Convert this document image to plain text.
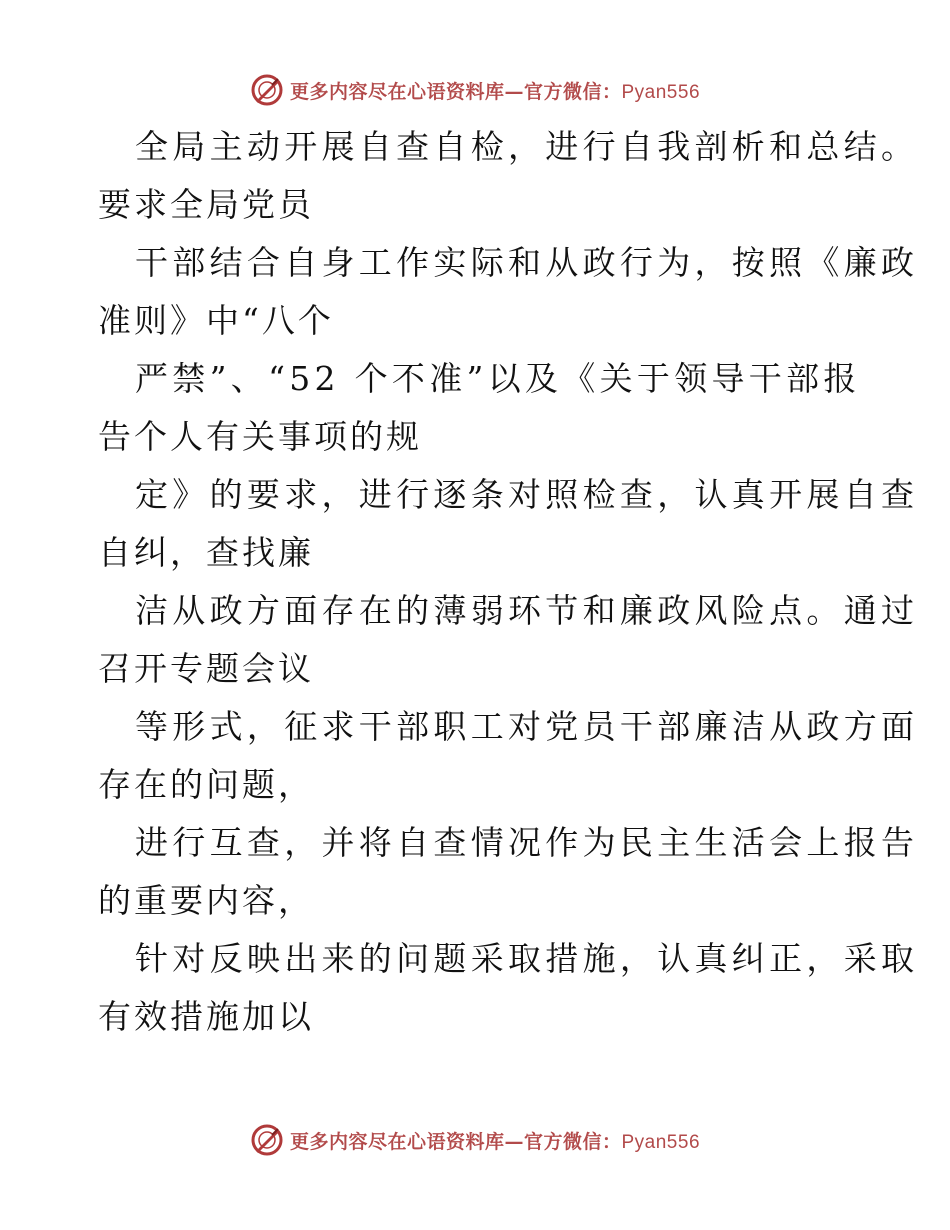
更多内容尽在心语资料库—官方微信：Pyan556

全局主动开展自查自检，进行自我剖析和总结。
要求全局党员

干部结合自身工作实际和从政行为，按照《廉政
准则》中“八个

严禁”、“52 个不准”以及《关于领导干部报
告个人有关事项的规

定》的要求，进行逐条对照检查，认真开展自查
自纠，查找廉

洁从政方面存在的薄弱环节和廉政风险点。通过
召开专题会议

等形式，征求干部职工对党员干部廉洁从政方面
存在的问题，

进行互查，并将自查情况作为民主生活会上报告
的重要内容，

针对反映出来的问题采取措施，认真纠正，采取
有效措施加以

更多内容尽在心语资料库—官方微信：Pyan556
